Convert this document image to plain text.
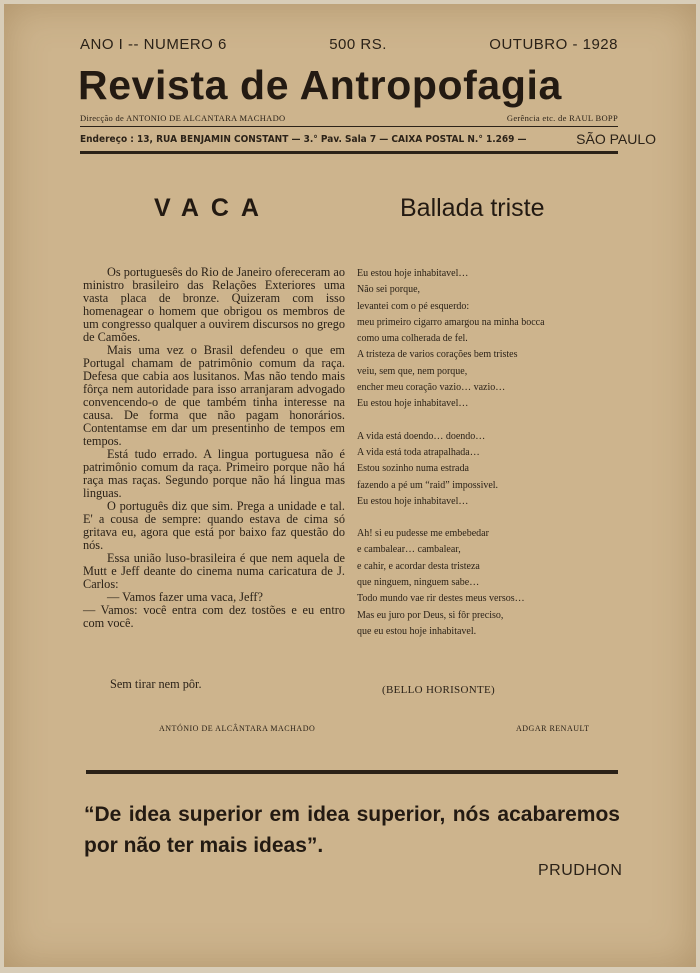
ANO I -- NUMERO 6	500 RS.	OUTUBRO - 1928
Revista de Antropofagia
Direcção de ANTONIO DE ALCANTARA MACHADO	Gerência etc. de RAUL BOPP
Endereço : 13, RUA BENJAMIN CONSTANT — 3.° Pav. Sala 7 — CAIXA POSTAL N.° 1.269 —	SÃO PAULO
VACA	Ballada triste

Os portuguesês do Rio de Janeiro ofereceram ao ministro brasileiro das Relações Exteriores uma vasta placa de bronze. Quizeram com isso homenagear o homem que obrigou os membros de um congresso qualquer a ouvirem discursos no grego de Camões.

Mais uma vez o Brasil defendeu o que em Portugal chamam de patrimônio comum da raça. Defesa que cabia aos lusitanos. Mas não tendo mais fôrça nem autoridade para isso arranjaram advogado convencendo-o de que também tinha interesse na causa. De forma que não pagam honorários. Contentamse em dar um presentinho de tempos em tempos.

Está tudo errado. A lingua portuguesa não é patrimônio comum da raça. Primeiro porque não há raça mas raças. Segundo porque não há lingua mas linguas.

O português diz que sim. Prega a unidade e tal. E' a cousa de sempre: quando estava de cima só gritava eu, agora que está por baixo faz questão do nós.

Essa união luso-brasileira é que nem aquela de Mutt e Jeff deante do cinema numa caricatura de J. Carlos:

— Vamos fazer uma vaca, Jeff?

— Vamos: você entra com dez tostões e eu entro com você.

Sem tirar nem pôr.
Eu estou hoje inhabitavel…
Não sei porque,
levantei com o pé esquerdo:
meu primeiro cigarro amargou na minha bocca
como uma colherada de fel.
A tristeza de varios corações bem tristes
veiu, sem que, nem porque,
encher meu coração vazio… vazio…
Eu estou hoje inhabitavel…
A vida está doendo… doendo…
A vida está toda atrapalhada…
Estou sozinho numa estrada
fazendo a pé um “raid” impossivel.
Eu estou hoje inhabitavel…
Ah! si eu pudesse me embebedar
e cambalear… cambalear,
e cahir, e acordar desta tristeza
que ninguem, ninguem sabe…
Todo mundo vae rir destes meus versos…
Mas eu juro por Deus, si fôr preciso,
que eu estou hoje inhabitavel.
(BELLO HORISONTE)
ANTÓNIO DE ALCÂNTARA MACHADO	ADGAR RENAULT
“De idea superior em idea superior, nós acabaremos por não ter mais ideas”.
PRUDHON
